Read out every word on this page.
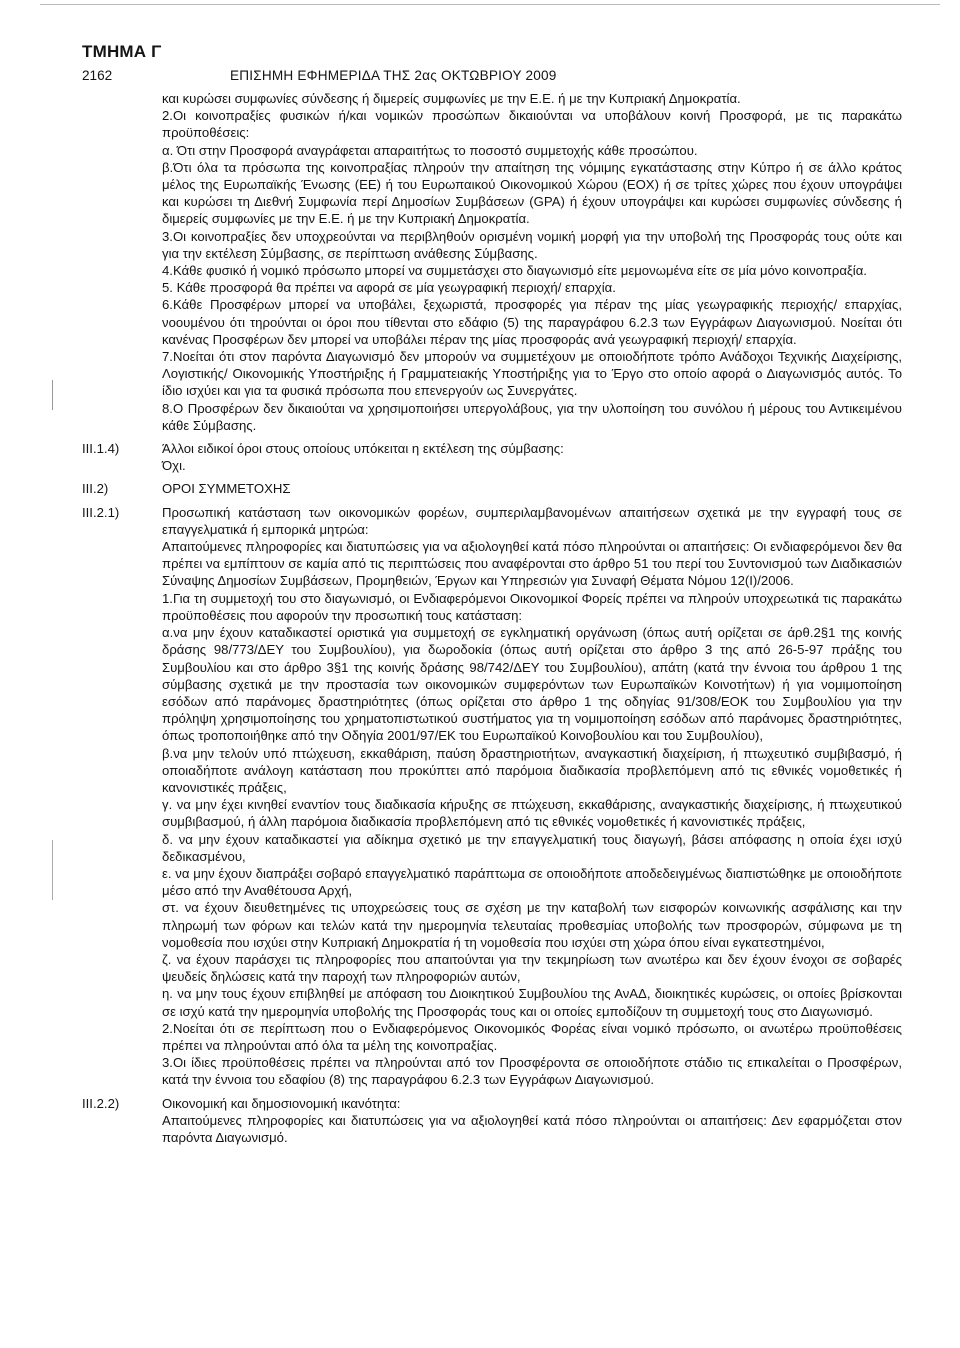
ΤΜΗΜΑ Γ
2162	ΕΠΙΣΗΜΗ ΕΦΗΜΕΡΙΔΑ ΤΗΣ 2ας ΟΚΤΩΒΡΙΟΥ 2009

και κυρώσει συμφωνίες σύνδεσης ή διμερείς συμφωνίες με την Ε.Ε. ή με την Κυπριακή Δημοκρατία.

2.Οι κοινοπραξίες φυσικών ή/και νομικών προσώπων δικαιούνται να υποβάλουν κοινή Προσφορά, με τις παρακάτω προϋποθέσεις:

α. Ότι στην Προσφορά αναγράφεται απαραιτήτως το ποσοστό συμμετοχής κάθε προσώπου.

β.Ότι όλα τα πρόσωπα της κοινοπραξίας πληρούν την απαίτηση της νόμιμης εγκατάστασης στην Κύπρο ή σε άλλο κράτος μέλος της Ευρωπαϊκής Ένωσης (ΕΕ) ή του Ευρωπαικού Οικονομικού Χώρου (ΕΟΧ) ή σε τρίτες χώρες που έχουν υπογράψει και κυρώσει τη Διεθνή Συμφωνία περί Δημοσίων Συμβάσεων (GPA) ή έχουν υπογράψει και κυρώσει συμφωνίες σύνδεσης ή διμερείς συμφωνίες με την Ε.Ε. ή με την Κυπριακή Δημοκρατία.

3.Οι κοινοπραξίες δεν υποχρεούνται να περιβληθούν ορισμένη νομική μορφή για την υποβολή της Προσφοράς τους ούτε και για την εκτέλεση Σύμβασης, σε περίπτωση ανάθεσης Σύμβασης.

4.Κάθε φυσικό ή νομικό πρόσωπο μπορεί να συμμετάσχει στο διαγωνισμό είτε μεμονωμένα είτε σε μία μόνο κοινοπραξία.

5. Κάθε προσφορά θα πρέπει να αφορά σε μία γεωγραφική περιοχή/ επαρχία.

6.Κάθε Προσφέρων μπορεί να υποβάλει, ξεχωριστά, προσφορές για πέραν της μίας γεωγραφικής περιοχής/ επαρχίας, νοουμένου ότι τηρούνται οι όροι που τίθενται στο εδάφιο (5) της παραγράφου 6.2.3 των Εγγράφων Διαγωνισμού. Νοείται ότι κανένας Προσφέρων δεν μπορεί να υποβάλει πέραν της μίας προσφοράς ανά γεωγραφική περιοχή/ επαρχία.

7.Νοείται ότι στον παρόντα Διαγωνισμό δεν μπορούν να συμμετέχουν με οποιοδήποτε τρόπο Ανάδοχοι Τεχνικής Διαχείρισης, Λογιστικής/ Οικονομικής Υποστήριξης ή Γραμματειακής Υποστήριξης για το Έργο στο οποίο αφορά ο Διαγωνισμός αυτός. Το ίδιο ισχύει και για τα φυσικά πρόσωπα που επενεργούν ως Συνεργάτες.

8.Ο Προσφέρων δεν δικαιούται να χρησιμοποιήσει υπεργολάβους, για την υλοποίηση του συνόλου ή μέρους του Αντικειμένου κάθε Σύμβασης.

III.1.4)	Άλλοι ειδικοί όροι στους οποίους υπόκειται η εκτέλεση της σύμβασης:

Όχι.

III.2)	ΟΡΟΙ ΣΥΜΜΕΤΟΧΗΣ

III.2.1)	Προσωπική κατάσταση των οικονομικών φορέων, συμπεριλαμβανομένων απαιτήσεων σχετικά με την εγγραφή τους σε επαγγελματικά ή εμπορικά μητρώα:

Απαιτούμενες πληροφορίες και διατυπώσεις για να αξιολογηθεί κατά πόσο πληρούνται οι απαιτήσεις: Οι ενδιαφερόμενοι δεν θα πρέπει να εμπίπτουν σε καμία από τις περιπτώσεις που αναφέρονται στο άρθρο 51 του περί του Συντονισμού των Διαδικασιών Σύναψης Δημοσίων Συμβάσεων, Προμηθειών, Έργων και Υπηρεσιών για Συναφή Θέματα Νόμου 12(Ι)/2006.

1.Για τη συμμετοχή του στο διαγωνισμό, οι Ενδιαφερόμενοι Οικονομικοί Φορείς πρέπει να πληρούν υποχρεωτικά τις παρακάτω προϋποθέσεις που αφορούν την προσωπική τους κατάσταση:

α.να μην έχουν καταδικαστεί οριστικά για συμμετοχή σε εγκληματική οργάνωση (όπως αυτή ορίζεται σε άρθ.2§1 της κοινής δράσης 98/773/ΔΕΥ του Συμβουλίου), για δωροδοκία (όπως αυτή ορίζεται στο άρθρο 3 της από 26-5-97 πράξης του Συμβουλίου και στο άρθρο 3§1 της κοινής δράσης 98/742/ΔΕΥ του Συμβουλίου), απάτη (κατά την έννοια του άρθρου 1 της σύμβασης σχετικά με την προστασία των οικονομικών συμφερόντων των Ευρωπαϊκών Κοινοτήτων) ή για νομιμοποίηση εσόδων από παράνομες δραστηριότητες (όπως ορίζεται στο άρθρο 1 της οδηγίας 91/308/ΕΟΚ του Συμβουλίου για την πρόληψη χρησιμοποίησης του χρηματοπιστωτικού συστήματος για τη νομιμοποίηση εσόδων από παράνομες δραστηριότητες, όπως τροποποιήθηκε από την Οδηγία 2001/97/ΕΚ του Ευρωπαϊκού Κοινοβουλίου και του Συμβουλίου),

β.να μην τελούν υπό πτώχευση, εκκαθάριση, παύση δραστηριοτήτων, αναγκαστική διαχείριση, ή πτωχευτικό συμβιβασμό, ή οποιαδήποτε ανάλογη κατάσταση που προκύπτει από παρόμοια διαδικασία προβλεπόμενη από τις εθνικές νομοθετικές ή κανονιστικές πράξεις,

γ. να μην έχει κινηθεί εναντίον τους διαδικασία κήρυξης σε πτώχευση, εκκαθάρισης, αναγκαστικής διαχείρισης, ή πτωχευτικού συμβιβασμού, ή άλλη παρόμοια διαδικασία προβλεπόμενη από τις εθνικές νομοθετικές ή κανονιστικές πράξεις,

δ. να μην έχουν καταδικαστεί για αδίκημα σχετικό με την επαγγελματική τους διαγωγή, βάσει απόφασης η οποία έχει ισχύ δεδικασμένου,

ε. να μην έχουν διαπράξει σοβαρό επαγγελματικό παράπτωμα σε οποιοδήποτε αποδεδειγμένως διαπιστώθηκε με οποιοδήποτε μέσο από την Αναθέτουσα Αρχή,

στ. να έχουν διευθετημένες τις υποχρεώσεις τους σε σχέση με την καταβολή των εισφορών κοινωνικής ασφάλισης και την πληρωμή των φόρων και τελών κατά την ημερομηνία τελευταίας προθεσμίας υποβολής των προσφορών, σύμφωνα με τη νομοθεσία που ισχύει στην Κυπριακή Δημοκρατία ή τη νομοθεσία που ισχύει στη χώρα όπου είναι εγκατεστημένοι,

ζ. να έχουν παράσχει τις πληροφορίες που απαιτούνται για την τεκμηρίωση των ανωτέρω και δεν έχουν ένοχοι σε σοβαρές ψευδείς δηλώσεις κατά την παροχή των πληροφοριών αυτών,

η. να μην τους έχουν επιβληθεί με απόφαση του Διοικητικού Συμβουλίου της ΑνΑΔ, διοικητικές κυρώσεις, οι οποίες βρίσκονται σε ισχύ κατά την ημερομηνία υποβολής της Προσφοράς τους και οι οποίες εμποδίζουν τη συμμετοχή τους στο Διαγωνισμό.

2.Νοείται ότι σε περίπτωση που ο Ενδιαφερόμενος Οικονομικός Φορέας είναι νομικό πρόσωπο, οι ανωτέρω προϋποθέσεις πρέπει να πληρούνται από όλα τα μέλη της κοινοπραξίας.

3.Οι ίδιες προϋποθέσεις πρέπει να πληρούνται από τον Προσφέροντα σε οποιοδήποτε στάδιο τις επικαλείται ο Προσφέρων, κατά την έννοια του εδαφίου (8) της παραγράφου 6.2.3 των Εγγράφων Διαγωνισμού.

III.2.2)	Οικονομική και δημοσιονομική ικανότητα:

Απαιτούμενες πληροφορίες και διατυπώσεις για να αξιολογηθεί κατά πόσο πληρούνται οι απαιτήσεις: Δεν εφαρμόζεται στον παρόντα Διαγωνισμό.
